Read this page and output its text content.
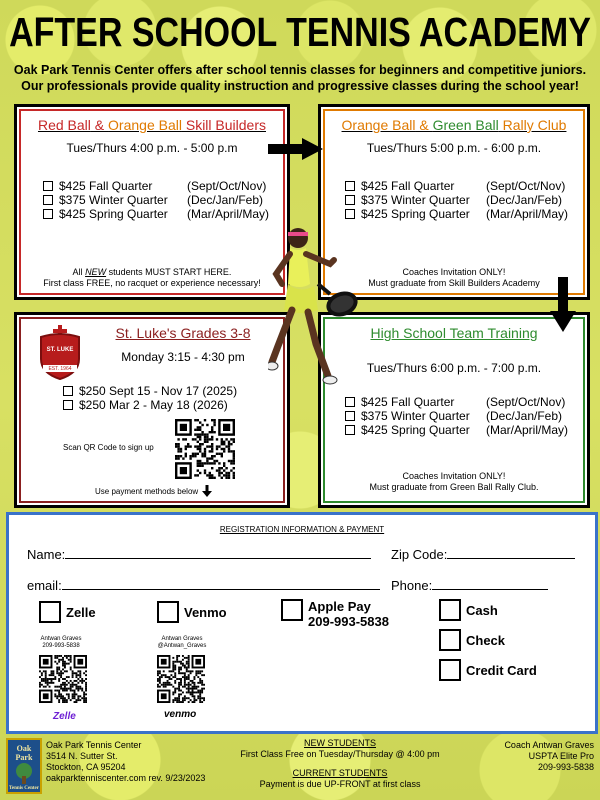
AFTER SCHOOL TENNIS ACADEMY
Oak Park Tennis Center offers after school tennis classes for beginners and competitive juniors.
Our professionals provide quality instruction and progressive classes during the school year!
Red Ball & Orange Ball Skill Builders
Tues/Thurs 4:00 p.m. - 5:00 p.m
$425 Fall Quarter	(Sept/Oct/Nov)
$375 Winter Quarter	(Dec/Jan/Feb)
$425 Spring Quarter	(Mar/April/May)
All NEW students MUST START HERE.
First class FREE, no racquet or experience necessary!
Orange Ball & Green Ball Rally Club
Tues/Thurs 5:00 p.m. - 6:00 p.m.
$425 Fall Quarter	(Sept/Oct/Nov)
$375 Winter Quarter	(Dec/Jan/Feb)
$425 Spring Quarter	(Mar/April/May)
Coaches Invitation ONLY!
Must graduate from Skill Builders Academy
ST. LUKE
EST. 1964
St. Luke's Grades 3-8
Monday 3:15 - 4:30 pm
$250 Sept 15 - Nov 17 (2025)
$250 Mar 2 - May 18 (2026)
Scan QR Code to sign up
Use payment methods below
High School Team Training
Tues/Thurs 6:00 p.m. - 7:00 p.m.
$425 Fall Quarter	(Sept/Oct/Nov)
$375 Winter Quarter	(Dec/Jan/Feb)
$425 Spring Quarter	(Mar/April/May)
Coaches Invitation ONLY!
Must graduate from Green Ball Rally Club.
REGISTRATION INFORMATION & PAYMENT
Name:	Zip Code:
email:	Phone:
Zelle	Venmo	Apple Pay
209-993-5838
Cash
Check
Credit Card
Antwan Graves
209-993-5838
Zelle
Antwan Graves
@Antwan_Graves
venmo
Oak Park
Tennis Center
Oak Park Tennis Center
3514 N. Sutter St.
Stockton, CA 95204
oakparktenniscenter.com rev. 9/23/2023
NEW STUDENTS
First Class Free on Tuesday/Thursday @ 4:00 pm
CURRENT STUDENTS
Payment is due UP-FRONT at first class
Coach Antwan Graves
USPTA Elite Pro
209-993-5838
